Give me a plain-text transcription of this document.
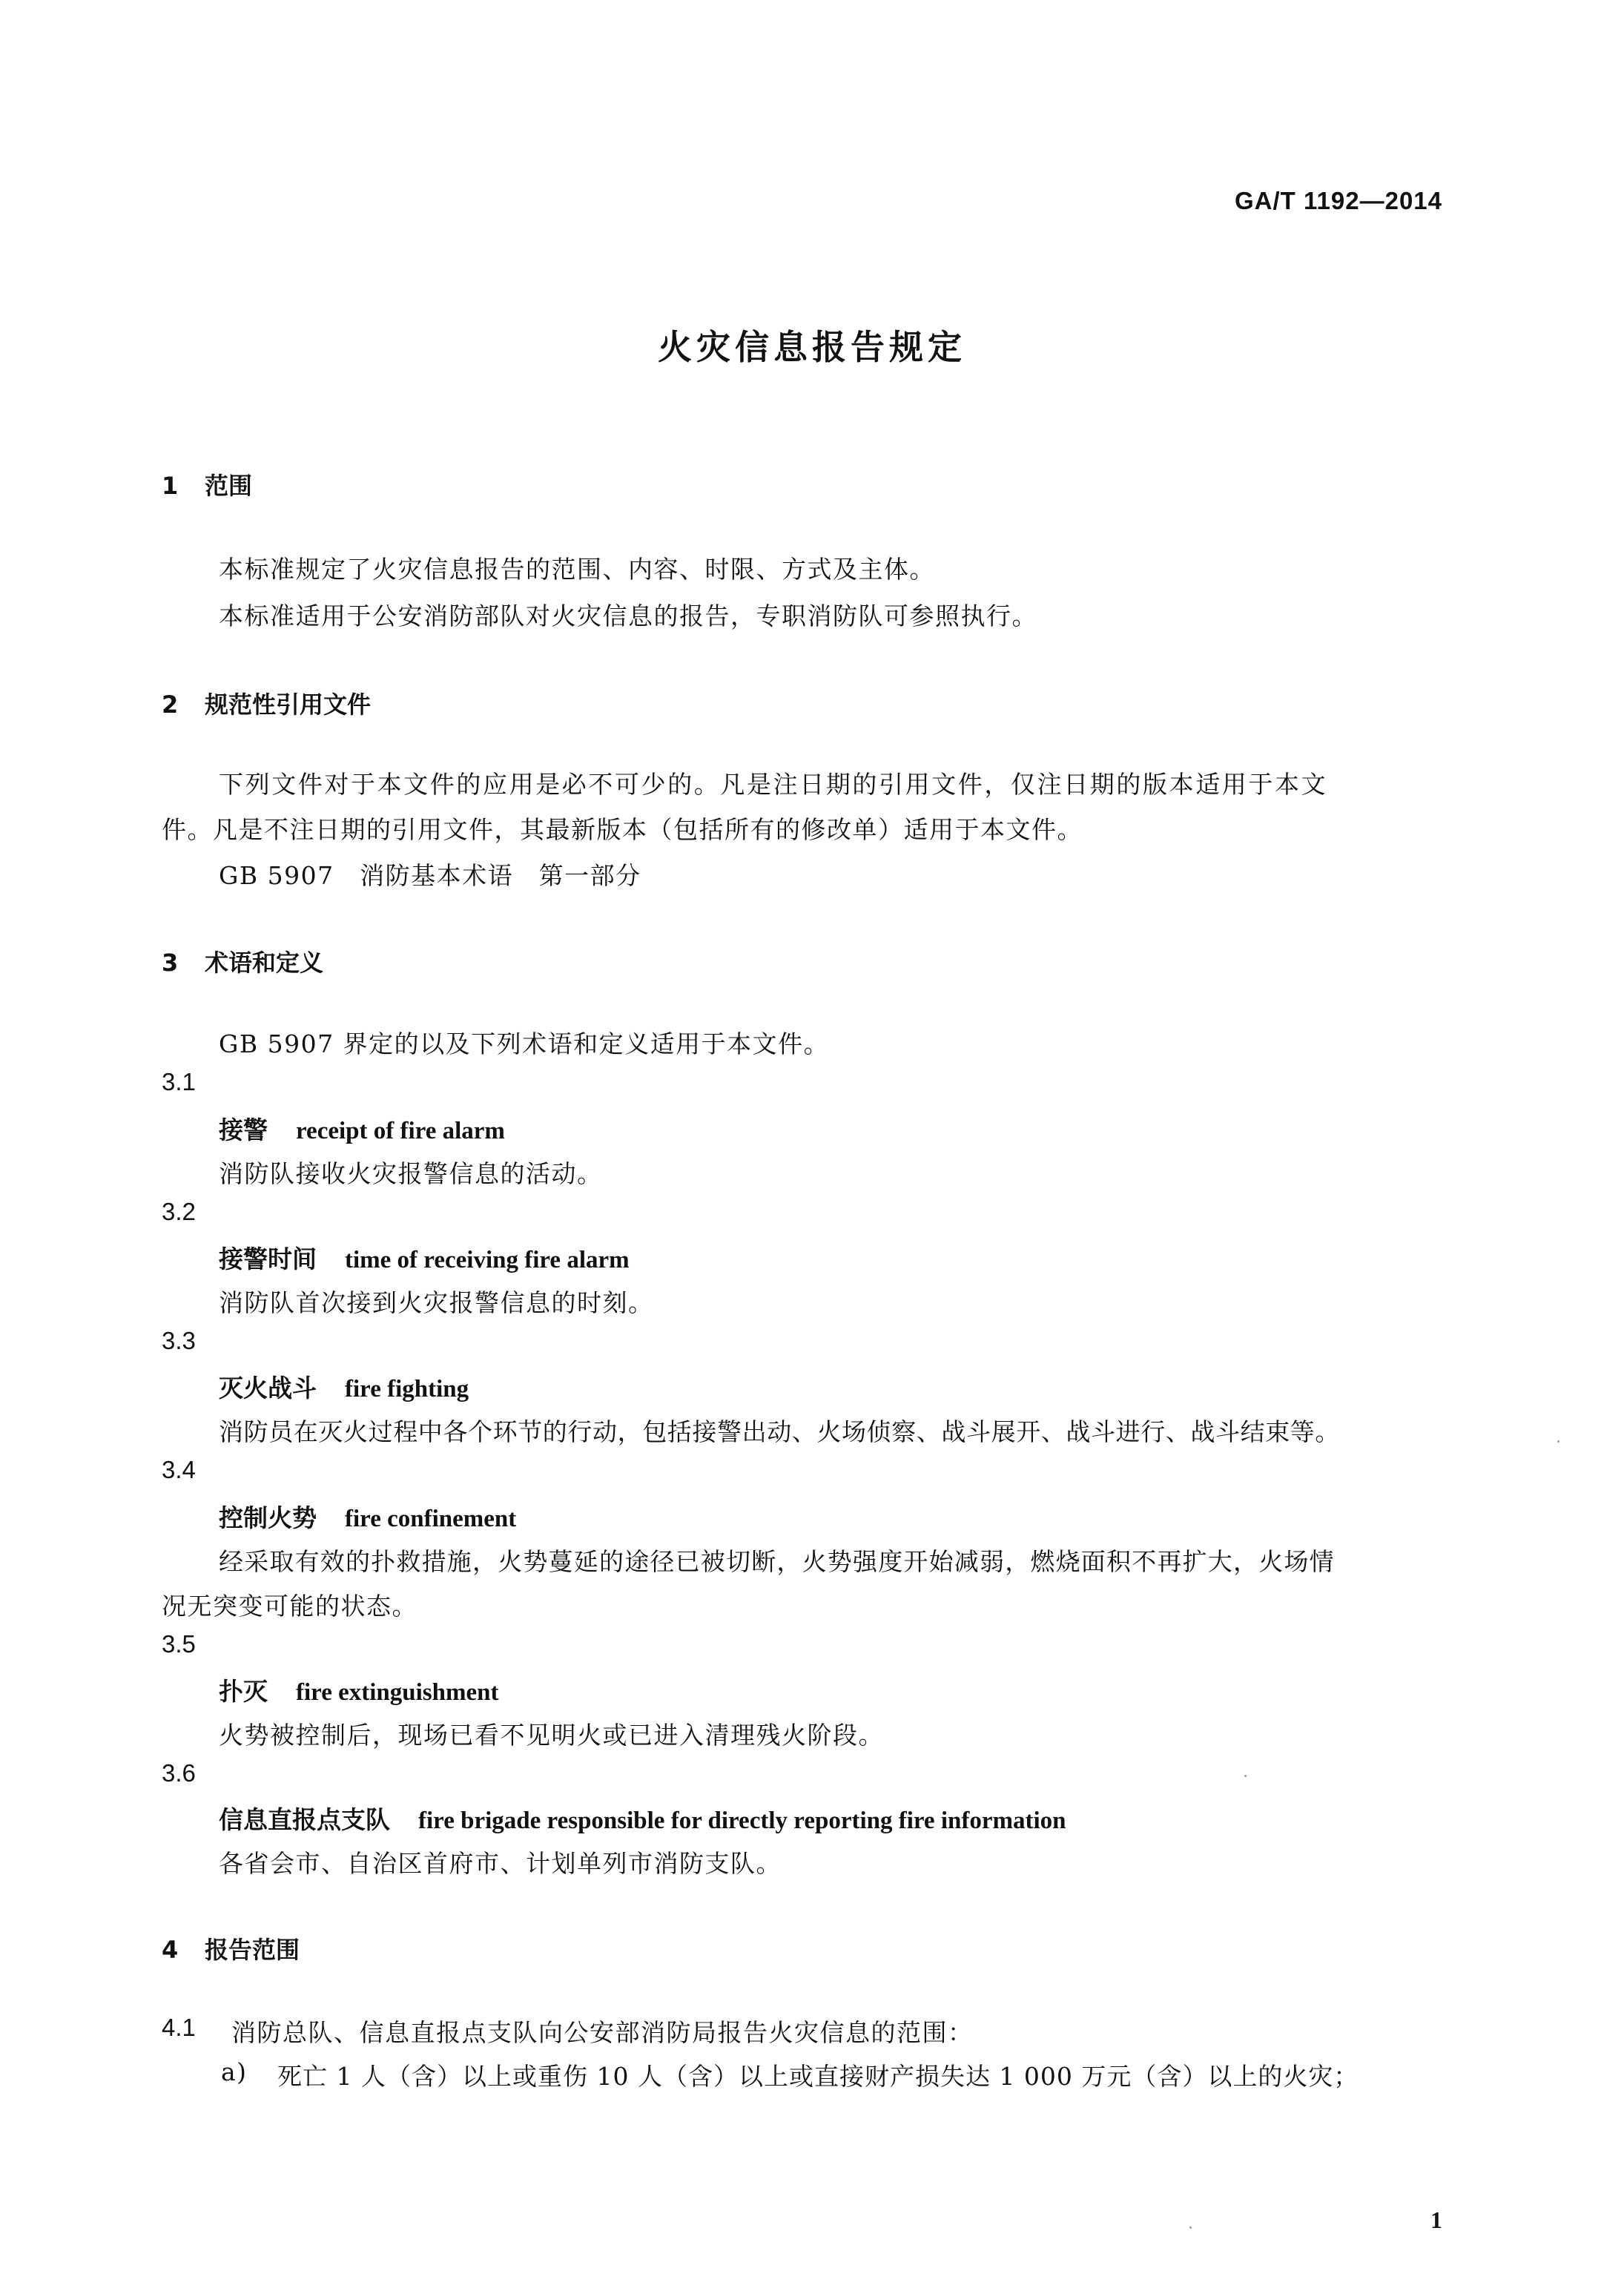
GA/T 1192—2014
火灾信息报告规定
1 范围
本标准规定了火灾信息报告的范围、内容、时限、方式及主体。
本标准适用于公安消防部队对火灾信息的报告，专职消防队可参照执行。
2 规范性引用文件
下列文件对于本文件的应用是必不可少的。凡是注日期的引用文件，仅注日期的版本适用于本文
件。凡是不注日期的引用文件，其最新版本（包括所有的修改单）适用于本文件。
GB 5907　消防基本术语　第一部分
3 术语和定义
GB 5907 界定的以及下列术语和定义适用于本文件。
3.1
接警 receipt of fire alarm
消防队接收火灾报警信息的活动。
3.2
接警时间 time of receiving fire alarm
消防队首次接到火灾报警信息的时刻。
3.3
灭火战斗 fire fighting
消防员在灭火过程中各个环节的行动，包括接警出动、火场侦察、战斗展开、战斗进行、战斗结束等。
3.4
控制火势 fire confinement
经采取有效的扑救措施，火势蔓延的途径已被切断，火势强度开始减弱，燃烧面积不再扩大，火场情
况无突变可能的状态。
3.5
扑灭 fire extinguishment
火势被控制后，现场已看不见明火或已进入清理残火阶段。
3.6
信息直报点支队 fire brigade responsible for directly reporting fire information
各省会市、自治区首府市、计划单列市消防支队。
4 报告范围
4.1 消防总队、信息直报点支队向公安部消防局报告火灾信息的范围：
a) 死亡 1 人（含）以上或重伤 10 人（含）以上或直接财产损失达 1 000 万元（含）以上的火灾；
1
